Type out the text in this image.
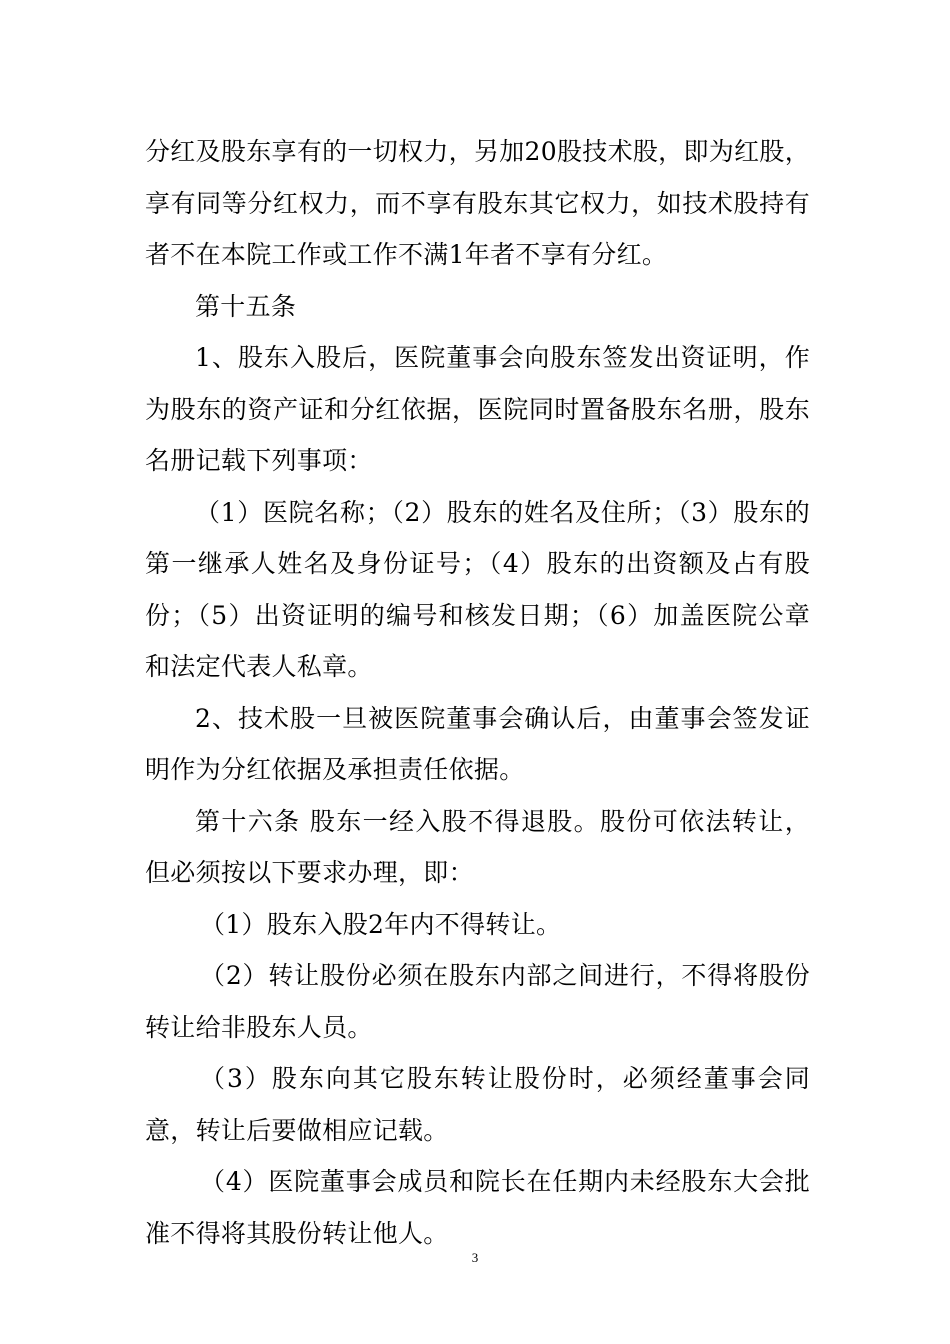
分红及股东享有的一切权力，另加20股技术股，即为红股，享有同等分红权力，而不享有股东其它权力，如技术股持有者不在本院工作或工作不满1年者不享有分红。

第十五条

1、股东入股后，医院董事会向股东签发出资证明，作为股东的资产证和分红依据，医院同时置备股东名册，股东名册记载下列事项：

（1）医院名称；（2）股东的姓名及住所；（3）股东的第一继承人姓名及身份证号；（4）股东的出资额及占有股份；（5）出资证明的编号和核发日期；（6）加盖医院公章和法定代表人私章。

2、技术股一旦被医院董事会确认后，由董事会签发证明作为分红依据及承担责任依据。

第十六条 股东一经入股不得退股。股份可依法转让，但必须按以下要求办理，即：

（1）股东入股2年内不得转让。

（2）转让股份必须在股东内部之间进行，不得将股份转让给非股东人员。

（3）股东向其它股东转让股份时，必须经董事会同意，转让后要做相应记载。

（4）医院董事会成员和院长在任期内未经股东大会批准不得将其股份转让他人。

3
